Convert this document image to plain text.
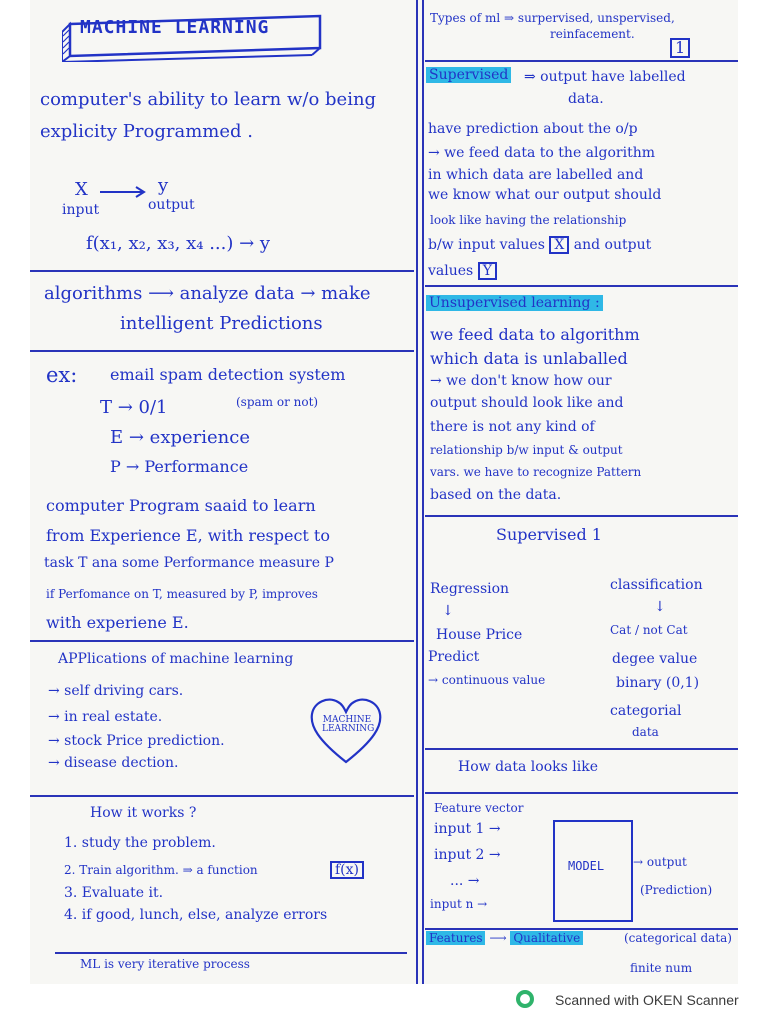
MACHINE LEARNING
computer's ability to learn w/o being
explicity Programmed .
X	y
input	output
f(x₁, x₂, x₃, x₄ ...) → y
algorithms ⟶ analyze data → make
intelligent Predictions
ex: email spam detection system
T → 0/1	(spam or not)
E → experience
P → Performance
computer Program saaid to learn
from Experience E, with respect to
task T ana some Performance measure P
if Perfomance on T, measured by P, improves
with experiene E.
APPlications of machine learning
→ self driving cars.
→ in real estate.
→ stock Price prediction.
→ disease dection.
MACHINE LEARNING
How it works ?
1. study the problem.
2. Train algorithm. ⇒ a function	f(x)
3. Evaluate it.
4. if good, lunch, else, analyze errors
ML is very iterative process
Types of ml ⇒ surpervised, unspervised,
reinfacement.
1
Supervised ⇒ output have labelled
data.
have prediction about the o/p
→ we feed data to the algorithm
in which data are labelled and
we know what our output should
look like having the relationship
b/w input values X and output
values Y
Unsupervised learning :
we feed data to algorithm
which data is unlaballed
→ we don't know how our
output should look like and
there is not any kind of
relationship b/w input & output
vars. we have to recognize Pattern
based on the data.
Supervised 1
Regression
↓
House Price
Predict
→ continuous value
classification
↓
Cat / not Cat
degee value
binary (0,1)
categorial
data
How data looks like
Feature vector
input 1 →
input 2 →
... →
input n →
MODEL → output
(Prediction)
Features ⟶ Qualitative	(categorical data)
finite num
Scanned with OKEN Scanner
